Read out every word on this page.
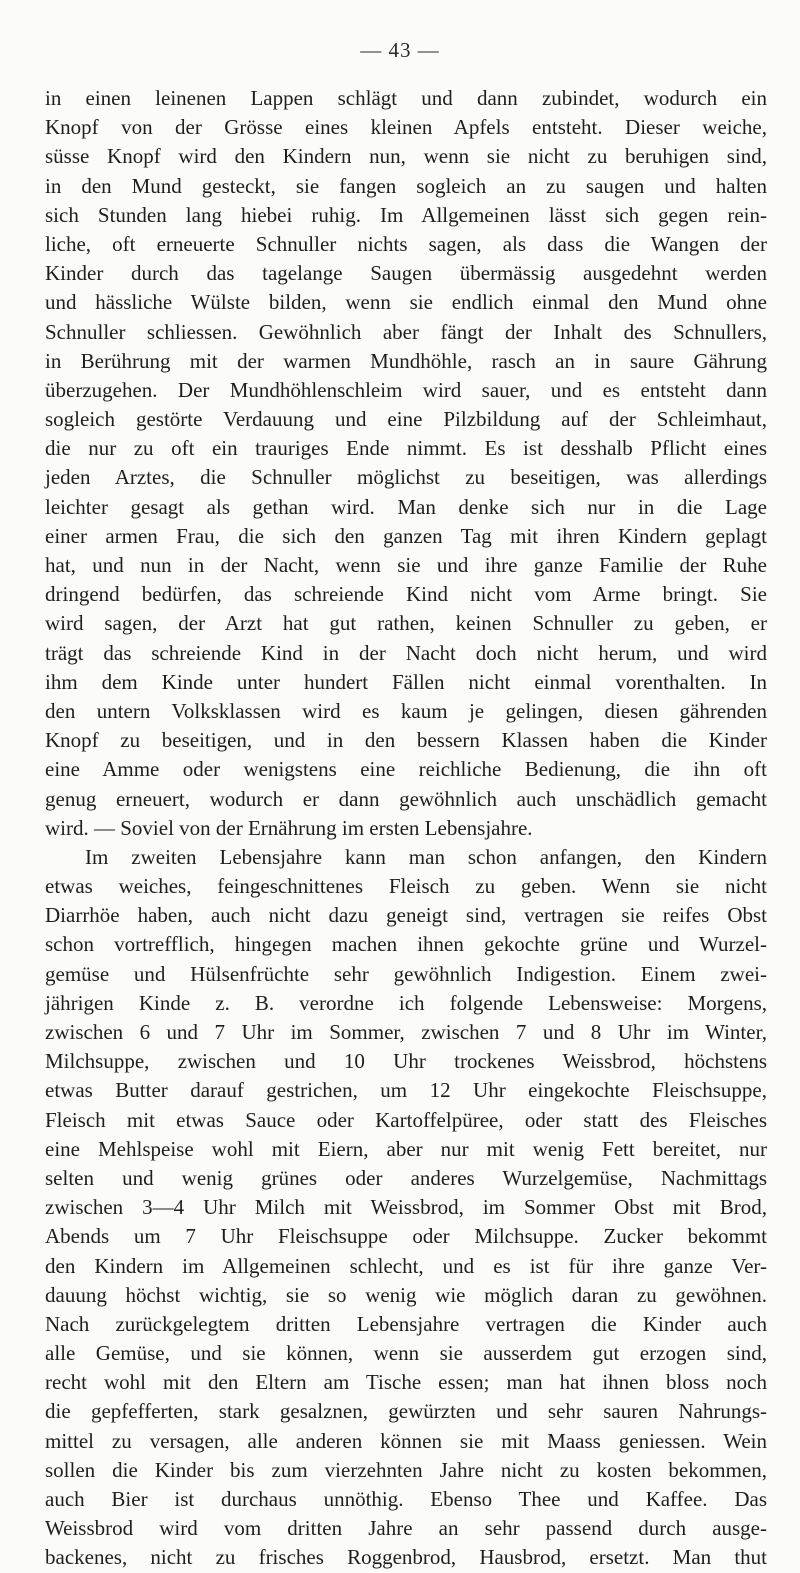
— 43 —
in einen leinenen Lappen schlägt und dann zubindet, wodurch ein
Knopf von der Grösse eines kleinen Apfels entsteht. Dieser weiche,
süsse Knopf wird den Kindern nun, wenn sie nicht zu beruhigen sind,
in den Mund gesteckt, sie fangen sogleich an zu saugen und halten
sich Stunden lang hiebei ruhig. Im Allgemeinen lässt sich gegen rein-
liche, oft erneuerte Schnuller nichts sagen, als dass die Wangen der
Kinder durch das tagelange Saugen übermässig ausgedehnt werden
und hässliche Wülste bilden, wenn sie endlich einmal den Mund ohne
Schnuller schliessen. Gewöhnlich aber fängt der Inhalt des Schnullers,
in Berührung mit der warmen Mundhöhle, rasch an in saure Gährung
überzugehen. Der Mundhöhlenschleim wird sauer, und es entsteht dann
sogleich gestörte Verdauung und eine Pilzbildung auf der Schleimhaut,
die nur zu oft ein trauriges Ende nimmt. Es ist desshalb Pflicht eines
jeden Arztes, die Schnuller möglichst zu beseitigen, was allerdings
leichter gesagt als gethan wird. Man denke sich nur in die Lage
einer armen Frau, die sich den ganzen Tag mit ihren Kindern geplagt
hat, und nun in der Nacht, wenn sie und ihre ganze Familie der Ruhe
dringend bedürfen, das schreiende Kind nicht vom Arme bringt. Sie
wird sagen, der Arzt hat gut rathen, keinen Schnuller zu geben, er
trägt das schreiende Kind in der Nacht doch nicht herum, und wird
ihm dem Kinde unter hundert Fällen nicht einmal vorenthalten. In
den untern Volksklassen wird es kaum je gelingen, diesen gährenden
Knopf zu beseitigen, und in den bessern Klassen haben die Kinder
eine Amme oder wenigstens eine reichliche Bedienung, die ihn oft
genug erneuert, wodurch er dann gewöhnlich auch unschädlich gemacht
wird. — Soviel von der Ernährung im ersten Lebensjahre.
Im zweiten Lebensjahre kann man schon anfangen, den Kindern
etwas weiches, feingeschnittenes Fleisch zu geben. Wenn sie nicht
Diarrhöe haben, auch nicht dazu geneigt sind, vertragen sie reifes Obst
schon vortrefflich, hingegen machen ihnen gekochte grüne und Wurzel-
gemüse und Hülsenfrüchte sehr gewöhnlich Indigestion. Einem zwei-
jährigen Kinde z. B. verordne ich folgende Lebensweise: Morgens,
zwischen 6 und 7 Uhr im Sommer, zwischen 7 und 8 Uhr im Winter,
Milchsuppe, zwischen und 10 Uhr trockenes Weissbrod, höchstens
etwas Butter darauf gestrichen, um 12 Uhr eingekochte Fleischsuppe,
Fleisch mit etwas Sauce oder Kartoffelpüree, oder statt des Fleisches
eine Mehlspeise wohl mit Eiern, aber nur mit wenig Fett bereitet, nur
selten und wenig grünes oder anderes Wurzelgemüse, Nachmittags
zwischen 3—4 Uhr Milch mit Weissbrod, im Sommer Obst mit Brod,
Abends um 7 Uhr Fleischsuppe oder Milchsuppe. Zucker bekommt
den Kindern im Allgemeinen schlecht, und es ist für ihre ganze Ver-
dauung höchst wichtig, sie so wenig wie möglich daran zu gewöhnen.
Nach zurückgelegtem dritten Lebensjahre vertragen die Kinder auch
alle Gemüse, und sie können, wenn sie ausserdem gut erzogen sind,
recht wohl mit den Eltern am Tische essen; man hat ihnen bloss noch
die gepfefferten, stark gesalznen, gewürzten und sehr sauren Nahrungs-
mittel zu versagen, alle anderen können sie mit Maass geniessen. Wein
sollen die Kinder bis zum vierzehnten Jahre nicht zu kosten bekommen,
auch Bier ist durchaus unnöthig. Ebenso Thee und Kaffee. Das
Weissbrod wird vom dritten Jahre an sehr passend durch ausge-
backenes, nicht zu frisches Roggenbrod, Hausbrod, ersetzt. Man thut
